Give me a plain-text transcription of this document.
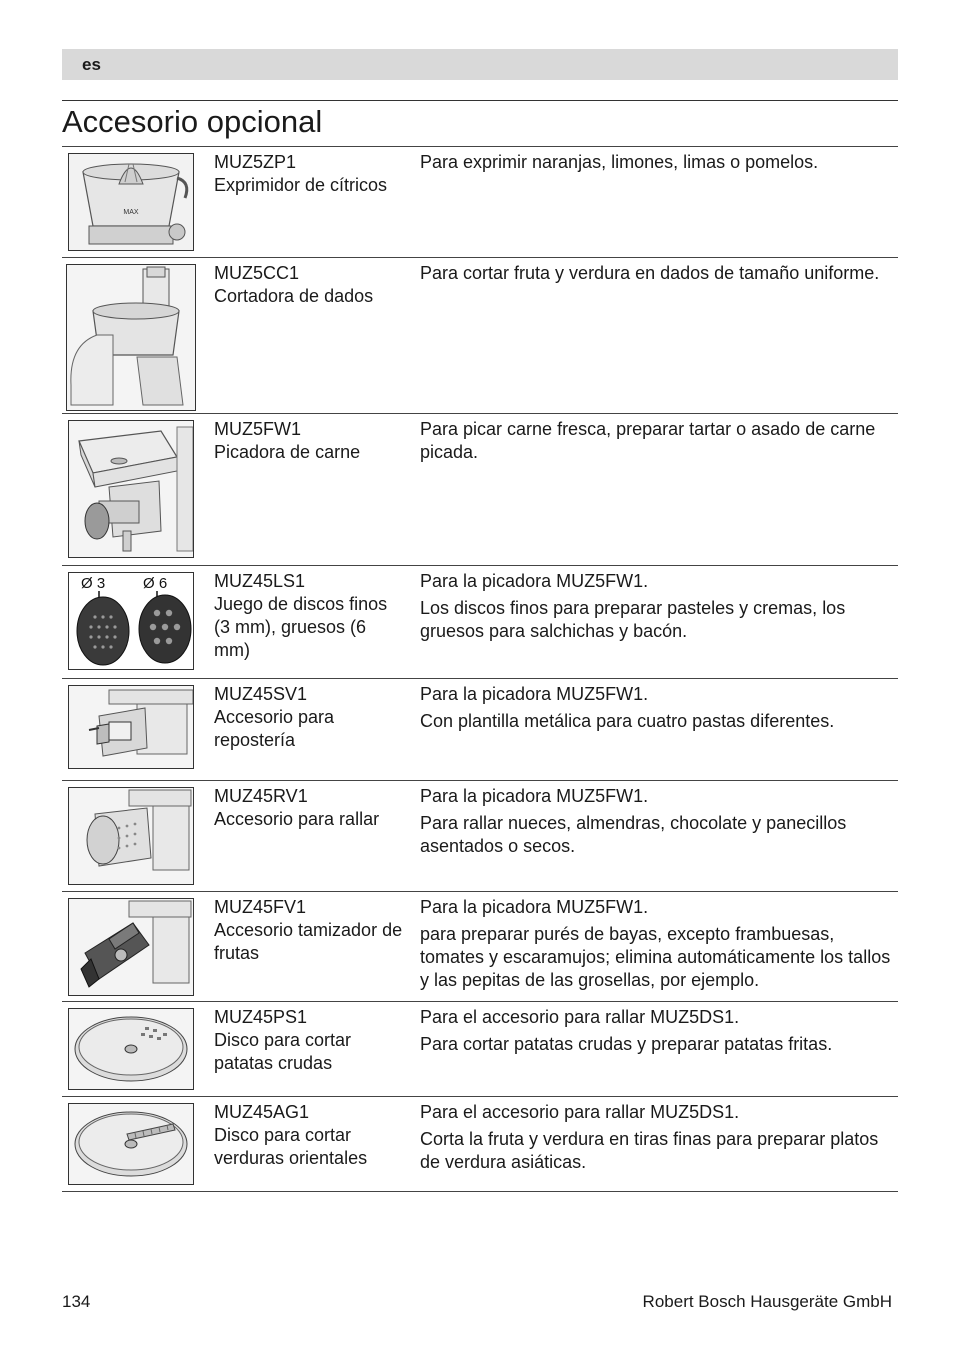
es
Accesorio opcional
MAX
MUZ5ZP1
Exprimidor de cítricos

Para exprimir naranjas, limones, limas o pomelos.

MUZ5CC1
Cortadora de dados

Para cortar fruta y verdura en dados de tamaño uniforme.

MUZ5FW1
Picadora de carne

Para picar carne fresca, preparar tartar o asado de carne picada.

Ø 3	Ø 6	MUZ45LS1
Juego de discos finos (3 mm), gruesos (6 mm)

Para la picadora MUZ5FW1.

Los discos finos para preparar pasteles y cremas, los gruesos para salchichas y bacón.

MUZ45SV1
Accesorio para repostería

Para la picadora MUZ5FW1.

Con plantilla metálica para cuatro pastas diferentes.

MUZ45RV1
Accesorio para rallar

Para la picadora MUZ5FW1.

Para rallar nueces, almendras, chocolate y panecillos asentados o secos.

MUZ45FV1
Accesorio tamizador de frutas

Para la picadora MUZ5FW1.

para preparar purés de bayas, excepto frambuesas, tomates y escaramujos; elimina automáticamente los tallos y las pepitas de las grosellas, por ejemplo.

MUZ45PS1
Disco para cortar patatas crudas

Para el accesorio para rallar MUZ5DS1.

Para cortar patatas crudas y preparar patatas fritas.

MUZ45AG1
Disco para cortar verduras orientales

Para el accesorio para rallar MUZ5DS1.

Corta la fruta y verdura en tiras finas para preparar platos de verdura asiáticas.

134	Robert Bosch Hausgeräte GmbH
